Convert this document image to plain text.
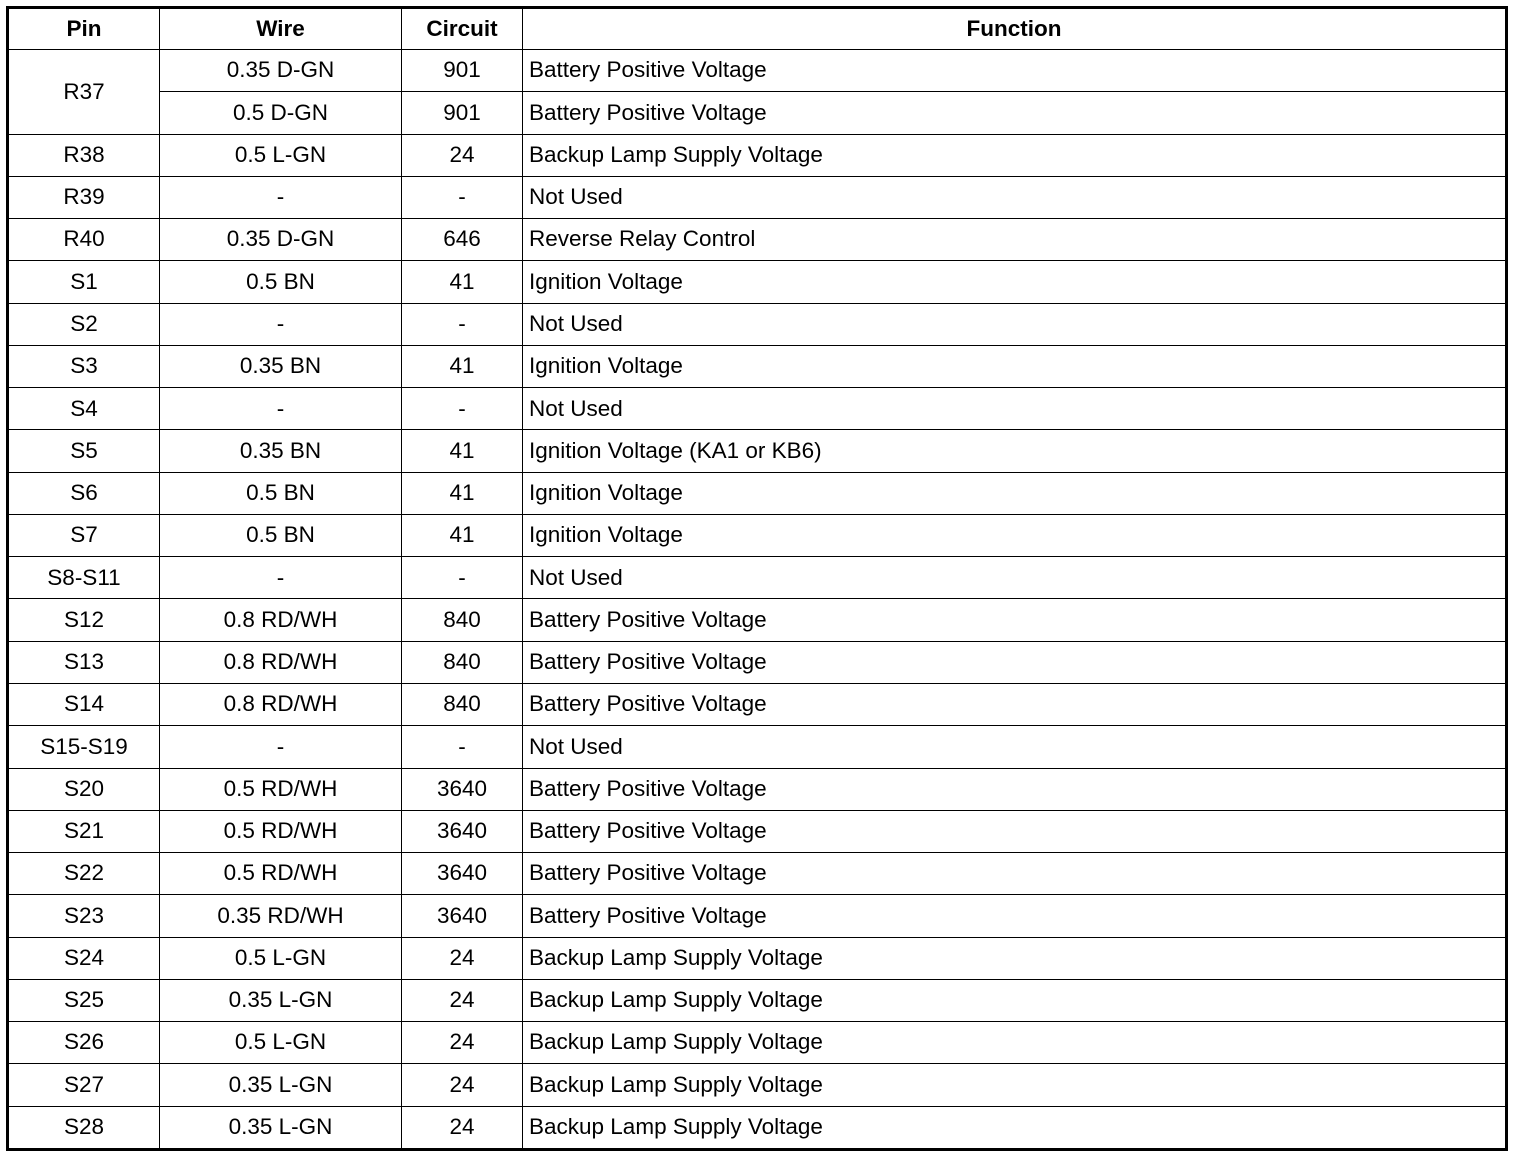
Pin	Wire	Circuit	Function
R37	0.35 D-GN	901	Battery Positive Voltage
	0.5 D-GN	901	Battery Positive Voltage
R38	0.5 L-GN	24	Backup Lamp Supply Voltage
R39	-	-	Not Used
R40	0.35 D-GN	646	Reverse Relay Control
S1	0.5 BN	41	Ignition Voltage
S2	-	-	Not Used
S3	0.35 BN	41	Ignition Voltage
S4	-	-	Not Used
S5	0.35 BN	41	Ignition Voltage (KA1 or KB6)
S6	0.5 BN	41	Ignition Voltage
S7	0.5 BN	41	Ignition Voltage
S8-S11	-	-	Not Used
S12	0.8 RD/WH	840	Battery Positive Voltage
S13	0.8 RD/WH	840	Battery Positive Voltage
S14	0.8 RD/WH	840	Battery Positive Voltage
S15-S19	-	-	Not Used
S20	0.5 RD/WH	3640	Battery Positive Voltage
S21	0.5 RD/WH	3640	Battery Positive Voltage
S22	0.5 RD/WH	3640	Battery Positive Voltage
S23	0.35 RD/WH	3640	Battery Positive Voltage
S24	0.5 L-GN	24	Backup Lamp Supply Voltage
S25	0.35 L-GN	24	Backup Lamp Supply Voltage
S26	0.5 L-GN	24	Backup Lamp Supply Voltage
S27	0.35 L-GN	24	Backup Lamp Supply Voltage
S28	0.35 L-GN	24	Backup Lamp Supply Voltage
